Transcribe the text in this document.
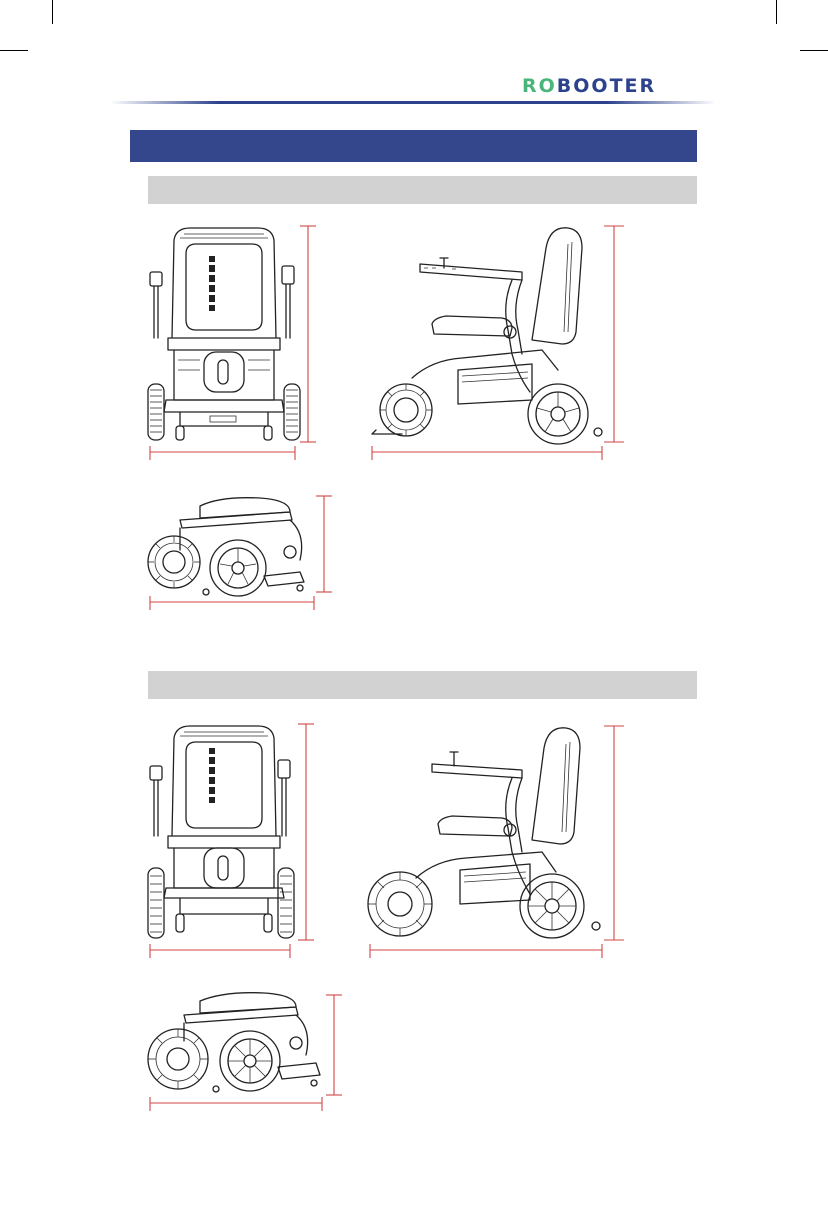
ROBOOTER
